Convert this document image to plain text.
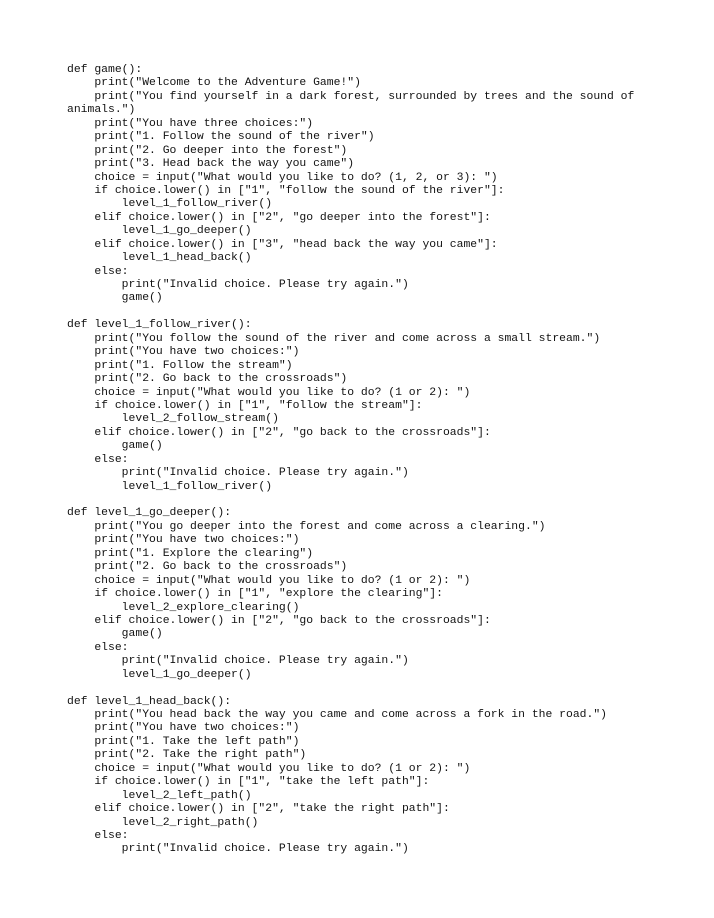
def game():
print("Welcome to the Adventure Game!")
print("You find yourself in a dark forest, surrounded by trees and the sound of
animals.")
print("You have three choices:")
print("1. Follow the sound of the river")
print("2. Go deeper into the forest")
print("3. Head back the way you came")
choice = input("What would you like to do? (1, 2, or 3): ")
if choice.lower() in ["1", "follow the sound of the river"]:
level_1_follow_river()
elif choice.lower() in ["2", "go deeper into the forest"]:
level_1_go_deeper()
elif choice.lower() in ["3", "head back the way you came"]:
level_1_head_back()
else:
print("Invalid choice. Please try again.")
game()
def level_1_follow_river():
print("You follow the sound of the river and come across a small stream.")
print("You have two choices:")
print("1. Follow the stream")
print("2. Go back to the crossroads")
choice = input("What would you like to do? (1 or 2): ")
if choice.lower() in ["1", "follow the stream"]:
level_2_follow_stream()
elif choice.lower() in ["2", "go back to the crossroads"]:
game()
else:
print("Invalid choice. Please try again.")
level_1_follow_river()
def level_1_go_deeper():
print("You go deeper into the forest and come across a clearing.")
print("You have two choices:")
print("1. Explore the clearing")
print("2. Go back to the crossroads")
choice = input("What would you like to do? (1 or 2): ")
if choice.lower() in ["1", "explore the clearing"]:
level_2_explore_clearing()
elif choice.lower() in ["2", "go back to the crossroads"]:
game()
else:
print("Invalid choice. Please try again.")
level_1_go_deeper()
def level_1_head_back():
print("You head back the way you came and come across a fork in the road.")
print("You have two choices:")
print("1. Take the left path")
print("2. Take the right path")
choice = input("What would you like to do? (1 or 2): ")
if choice.lower() in ["1", "take the left path"]:
level_2_left_path()
elif choice.lower() in ["2", "take the right path"]:
level_2_right_path()
else:
print("Invalid choice. Please try again.")
